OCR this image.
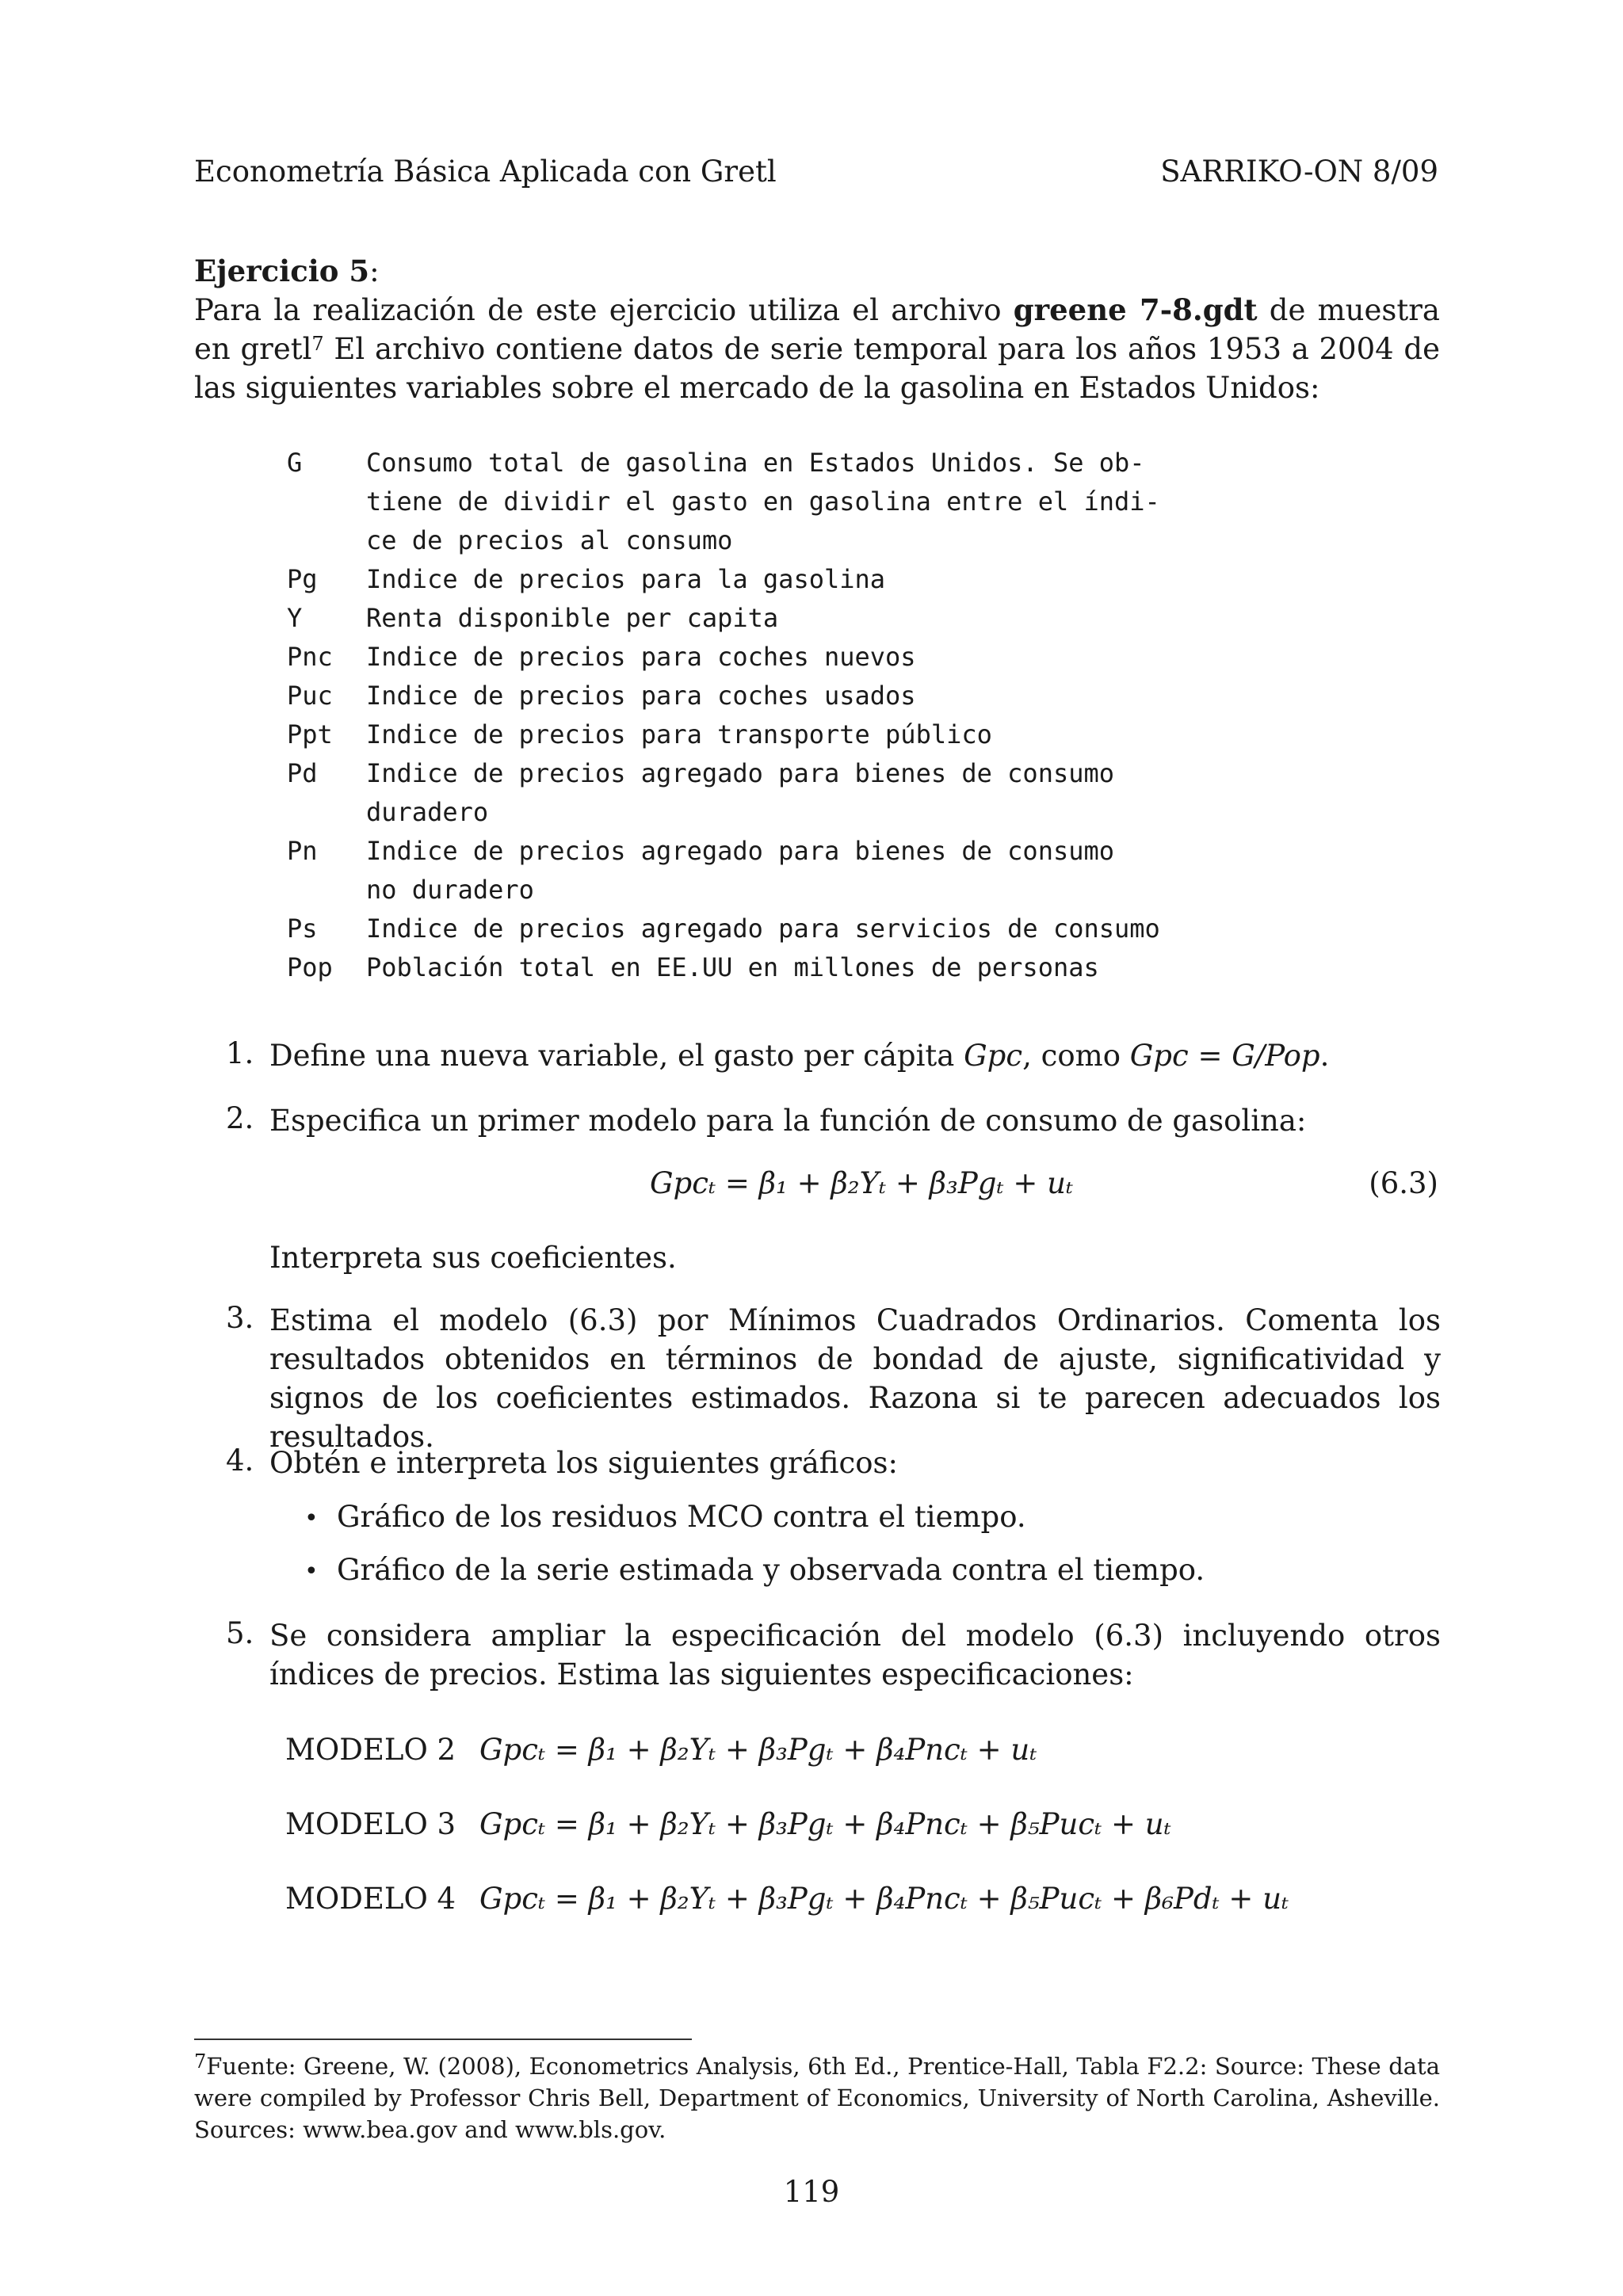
Econometría Básica Aplicada con Gretl	SARRIKO-ON 8/09
Ejercicio 5:
Para la realización de este ejercicio utiliza el archivo greene 7-8.gdt de muestra en gretl$^7$ El archivo contiene datos de serie temporal para los años 1953 a 2004 de las siguientes variables sobre el mercado de la gasolina en Estados Unidos:
G	Consumo total de gasolina en Estados Unidos. Se ob-
tiene de dividir el gasto en gasolina entre el índi-
ce de precios al consumo
Pg	Indice de precios para la gasolina
Y	Renta disponible per capita
Pnc	Indice de precios para coches nuevos
Puc	Indice de precios para coches usados
Ppt	Indice de precios para transporte público
Pd	Indice de precios agregado para bienes de consumo
duradero
Pn	Indice de precios agregado para bienes de consumo
no duradero
Ps	Indice de precios agregado para servicios de consumo
Pop	Población total en EE.UU en millones de personas
1. Define una nueva variable, el gasto per cápita Gpc, como Gpc = G/Pop.
2. Especifica un primer modelo para la función de consumo de gasolina:
Gpcₜ = β₁ + β₂Yₜ + β₃Pgₜ + uₜ	(6.3)
Interpreta sus coeficientes.
3. Estima el modelo (6.3) por Mínimos Cuadrados Ordinarios. Comenta los resultados obtenidos en términos de bondad de ajuste, significatividad y signos de los coeficientes estimados. Razona si te parecen adecuados los resultados.
4. Obtén e interpreta los siguientes gráficos:
• Gráfico de los residuos MCO contra el tiempo.
• Gráfico de la serie estimada y observada contra el tiempo.
5. Se considera ampliar la especificación del modelo (6.3) incluyendo otros índices de precios. Estima las siguientes especificaciones:
MODELO 2 Gpcₜ = β₁ + β₂Yₜ + β₃Pgₜ + β₄Pncₜ + uₜ
MODELO 3 Gpcₜ = β₁ + β₂Yₜ + β₃Pgₜ + β₄Pncₜ + β₅Pucₜ + uₜ
MODELO 4 Gpcₜ = β₁ + β₂Yₜ + β₃Pgₜ + β₄Pncₜ + β₅Pucₜ + β₆Pdₜ + uₜ
$^7$Fuente: Greene, W. (2008), Econometrics Analysis, 6th Ed., Prentice-Hall, Tabla F2.2: Source: These data were compiled by Professor Chris Bell, Department of Economics, University of North Carolina, Asheville. Sources: www.bea.gov and www.bls.gov.
119
